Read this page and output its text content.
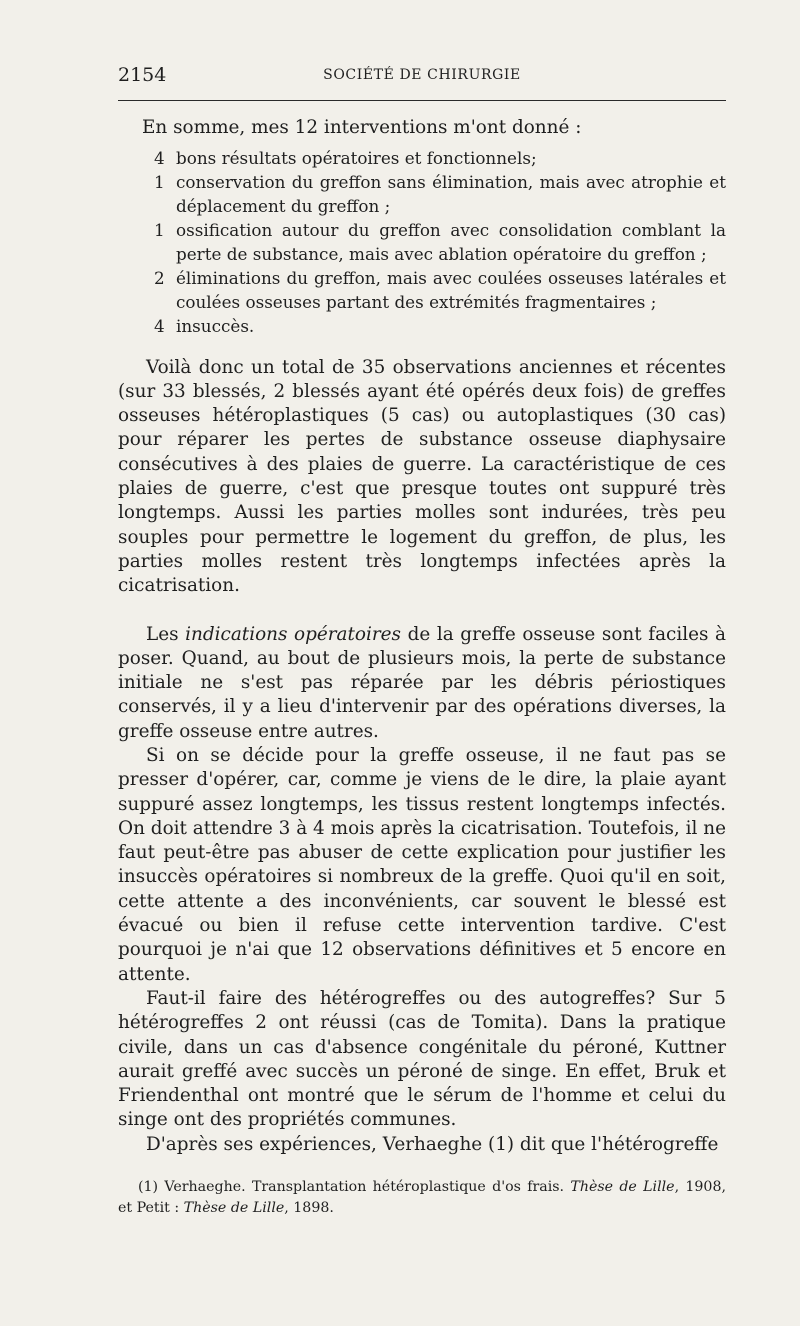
2154	SOCIÉTÉ DE CHIRURGIE

En somme, mes 12 interventions m'ont donné :

4 bons résultats opératoires et fonctionnels;
1 conservation du greffon sans élimination, mais avec atrophie et déplacement du greffon ;
1 ossification autour du greffon avec consolidation comblant la perte de substance, mais avec ablation opératoire du greffon ;
2 éliminations du greffon, mais avec coulées osseuses latérales et coulées osseuses partant des extrémités fragmentaires ;
4 insuccès.

Voilà donc un total de 35 observations anciennes et récentes (sur 33 blessés, 2 blessés ayant été opérés deux fois) de greffes osseuses hétéroplastiques (5 cas) ou autoplastiques (30 cas) pour réparer les pertes de substance osseuse diaphysaire consécutives à des plaies de guerre. La caractéristique de ces plaies de guerre, c'est que presque toutes ont suppuré très longtemps. Aussi les parties molles sont indurées, très peu souples pour permettre le logement du greffon, de plus, les parties molles restent très longtemps infectées après la cicatrisation.

Les indications opératoires de la greffe osseuse sont faciles à poser. Quand, au bout de plusieurs mois, la perte de substance initiale ne s'est pas réparée par les débris périostiques conservés, il y a lieu d'intervenir par des opérations diverses, la greffe osseuse entre autres.

Si on se décide pour la greffe osseuse, il ne faut pas se presser d'opérer, car, comme je viens de le dire, la plaie ayant suppuré assez longtemps, les tissus restent longtemps infectés. On doit attendre 3 à 4 mois après la cicatrisation. Toutefois, il ne faut peut-être pas abuser de cette explication pour justifier les insuccès opératoires si nombreux de la greffe. Quoi qu'il en soit, cette attente a des inconvénients, car souvent le blessé est évacué ou bien il refuse cette intervention tardive. C'est pourquoi je n'ai que 12 observations définitives et 5 encore en attente.

Faut-il faire des hétérogreffes ou des autogreffes? Sur 5 hétérogreffes 2 ont réussi (cas de Tomita). Dans la pratique civile, dans un cas d'absence congénitale du péroné, Kuttner aurait greffé avec succès un péroné de singe. En effet, Bruk et Friendenthal ont montré que le sérum de l'homme et celui du singe ont des propriétés communes.

D'après ses expériences, Verhaeghe (1) dit que l'hétérogreffe

(1) Verhaeghe. Transplantation hétéroplastique d'os frais. Thèse de Lille, 1908, et Petit : Thèse de Lille, 1898.
